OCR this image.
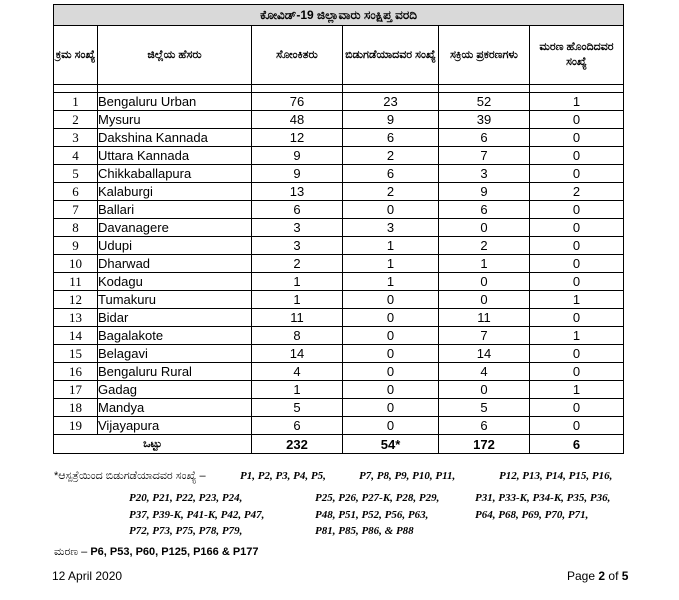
ಕೋವಿಡ್-19 ಜಿಲ್ಲಾವಾರು ಸಂಕ್ಷಿಪ್ತ ವರದಿ					
ಕ್ರಮ ಸಂಖ್ಯೆ	ಜಿಲ್ಲೆಯ ಹೆಸರು	ಸೋಂಕಿತರು	ಬಿಡುಗಡೆಯಾದವರ ಸಂಖ್ಯೆ	ಸಕ್ರಿಯ ಪ್ರಕರಣಗಳು	ಮರಣ ಹೊಂದಿದವರ ಸಂಖ್ಯೆ

1	Bengaluru Urban	76	23	52	1
2	Mysuru	48	9	39	0
3	Dakshina Kannada	12	6	6	0
4	Uttara Kannada	9	2	7	0
5	Chikkaballapura	9	6	3	0
6	Kalaburgi	13	2	9	2
7	Ballari	6	0	6	0
8	Davanagere	3	3	0	0
9	Udupi	3	1	2	0
10	Dharwad	2	1	1	0
11	Kodagu	1	1	0	0
12	Tumakuru	1	0	0	1
13	Bidar	11	0	11	0
14	Bagalakote	8	0	7	1
15	Belagavi	14	0	14	0
16	Bengaluru Rural	4	0	4	0
17	Gadag	1	0	0	1
18	Mandya	5	0	5	0
19	Vijayapura	6	0	6	0
ಒಟ್ಟು		232	54*	172	6
*ಆಸ್ಪತ್ರೆಯಿಂದ ಬಿಡುಗಡೆಯಾದವರ ಸಂಖ್ಯೆ –	P1, P2, P3, P4, P5,	P7, P8, P9, P10, P11,	P12, P13, P14, P15, P16,
P20, P21, P22, P23, P24,	P25, P26, P27-K, P28, P29,	P31, P33-K, P34-K, P35, P36,
P37, P39-K, P41-K, P42, P47,	P48, P51, P52, P56, P63,	P64, P68, P69, P70, P71,
P72, P73, P75, P78, P79,	P81, P85, P86, & P88
ಮರಣ – P6, P53, P60, P125, P166 & P177
12 April 2020	Page 2 of 5
